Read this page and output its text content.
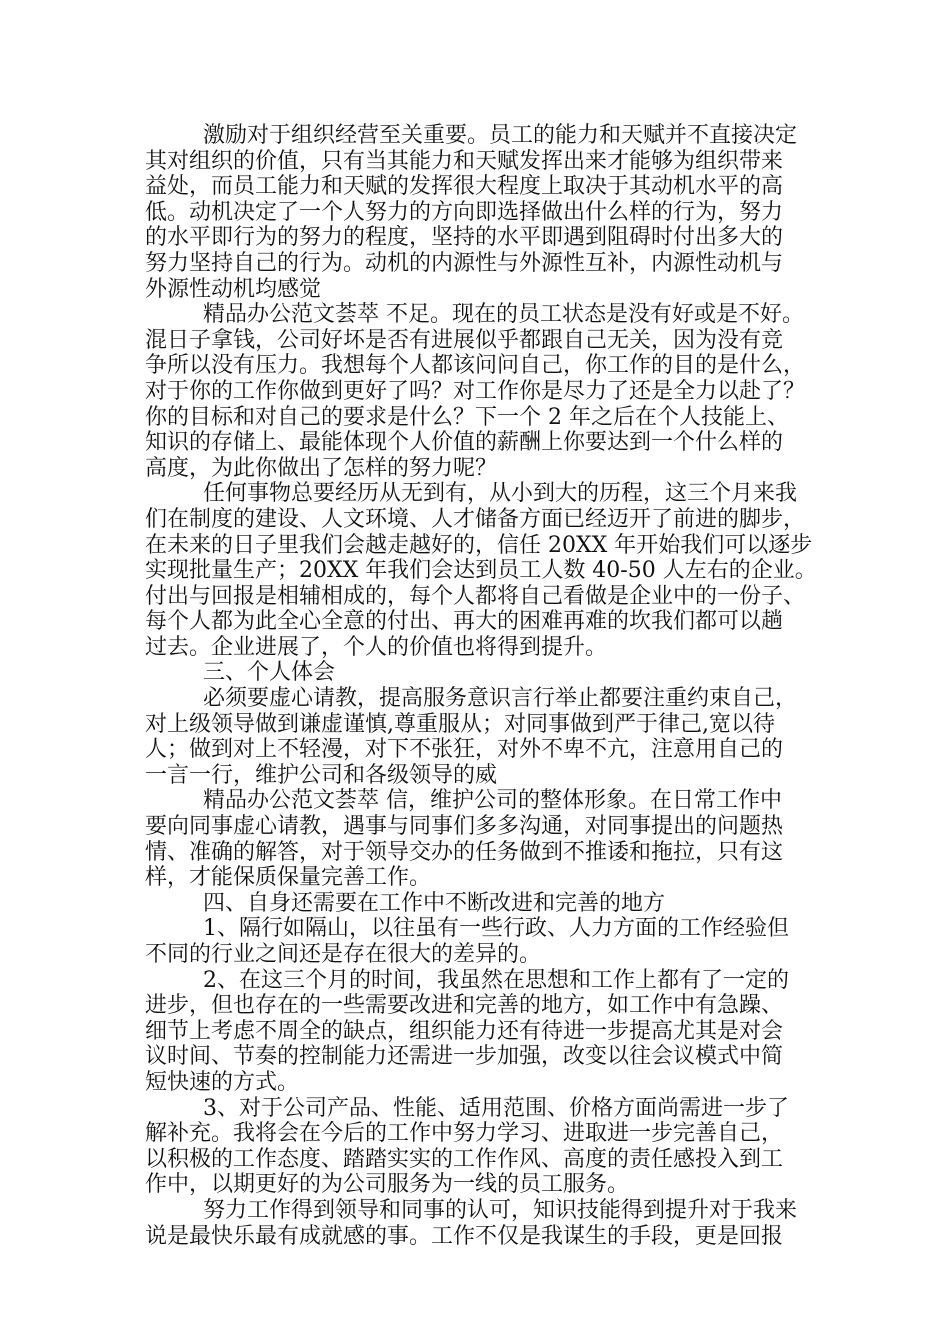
激励对于组织经营至关重要。员工的能力和天赋并不直接决定
其对组织的价值，只有当其能力和天赋发挥出来才能够为组织带来
益处，而员工能力和天赋的发挥很大程度上取决于其动机水平的高
低。动机决定了一个人努力的方向即选择做出什么样的行为，努力
的水平即行为的努力的程度，坚持的水平即遇到阻碍时付出多大的
努力坚持自己的行为。动机的内源性与外源性互补，内源性动机与
外源性动机均感觉
精品办公范文荟萃 不足。现在的员工状态是没有好或是不好。
混日子拿钱，公司好坏是否有进展似乎都跟自己无关，因为没有竞
争所以没有压力。我想每个人都该问问自己，你工作的目的是什么，
对于你的工作你做到更好了吗？对工作你是尽力了还是全力以赴了？
你的目标和对自己的要求是什么？下一个 2 年之后在个人技能上、
知识的存储上、最能体现个人价值的薪酬上你要达到一个什么样的
高度，为此你做出了怎样的努力呢？
任何事物总要经历从无到有，从小到大的历程，这三个月来我
们在制度的建设、人文环境、人才储备方面已经迈开了前进的脚步，
在未来的日子里我们会越走越好的，信任 20XX 年开始我们可以逐步
实现批量生产；20XX 年我们会达到员工人数 40-50 人左右的企业。
付出与回报是相辅相成的，每个人都将自己看做是企业中的一份子、
每个人都为此全心全意的付出、再大的困难再难的坎我们都可以趟
过去。企业进展了，个人的价值也将得到提升。
三、个人体会
必须要虚心请教，提高服务意识言行举止都要注重约束自己，
对上级领导做到谦虚谨慎,尊重服从；对同事做到严于律己,宽以待
人；做到对上不轻漫，对下不张狂，对外不卑不亢，注意用自己的
一言一行，维护公司和各级领导的威
精品办公范文荟萃 信，维护公司的整体形象。在日常工作中
要向同事虚心请教，遇事与同事们多多沟通，对同事提出的问题热
情、准确的解答，对于领导交办的任务做到不推诿和拖拉，只有这
样，才能保质保量完善工作。
四、自身还需要在工作中不断改进和完善的地方
1、隔行如隔山，以往虽有一些行政、人力方面的工作经验但
不同的行业之间还是存在很大的差异的。
2、在这三个月的时间，我虽然在思想和工作上都有了一定的
进步，但也存在的一些需要改进和完善的地方，如工作中有急躁、
细节上考虑不周全的缺点，组织能力还有待进一步提高尤其是对会
议时间、节奏的控制能力还需进一步加强，改变以往会议模式中简
短快速的方式。
3、对于公司产品、性能、适用范围、价格方面尚需进一步了
解补充。我将会在今后的工作中努力学习、进取进一步完善自己，
以积极的工作态度、踏踏实实的工作作风、高度的责任感投入到工
作中，以期更好的为公司服务为一线的员工服务。
努力工作得到领导和同事的认可，知识技能得到提升对于我来
说是最快乐最有成就感的事。工作不仅是我谋生的手段，更是回报
